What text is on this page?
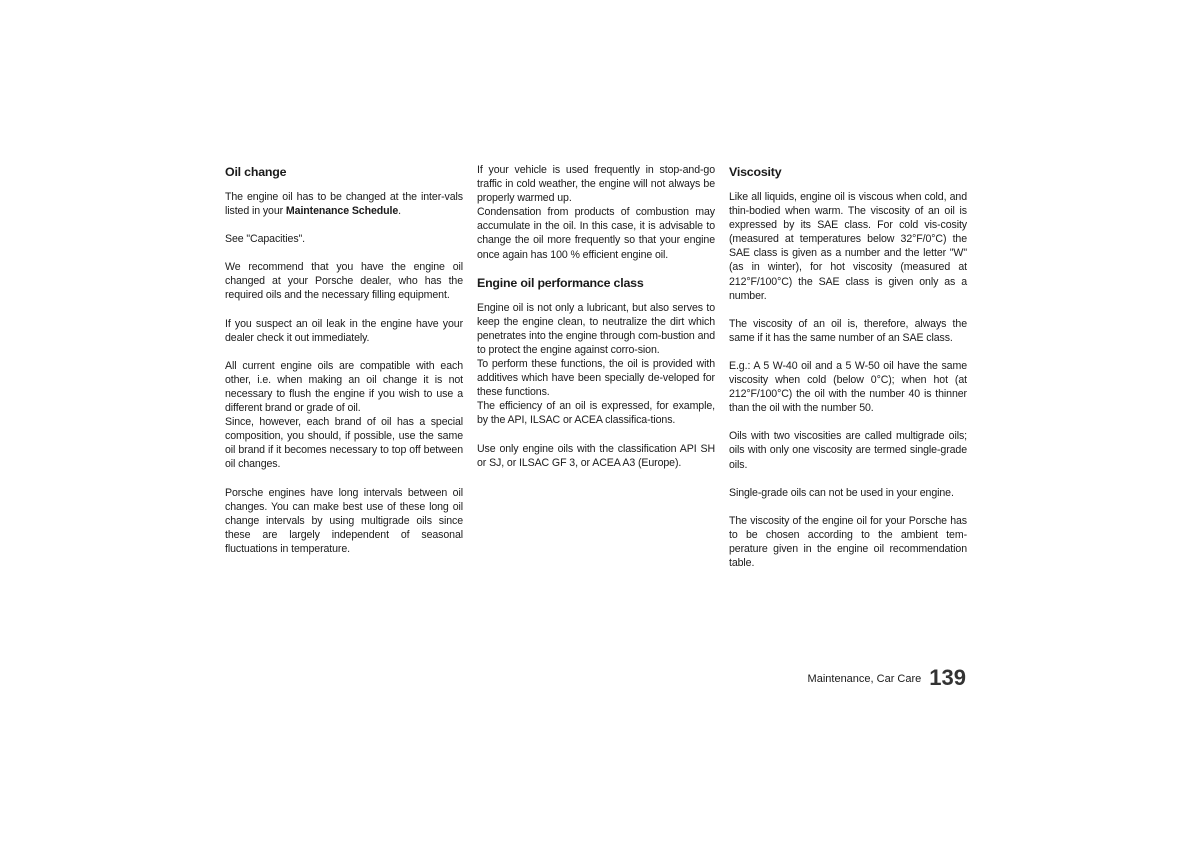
Oil change

The engine oil has to be changed at the inter-vals listed in your Maintenance Schedule.

See "Capacities".

We recommend that you have the engine oil changed at your Porsche dealer, who has the required oils and the necessary filling equipment.

If you suspect an oil leak in the engine have your dealer check it out immediately.

All current engine oils are compatible with each other, i.e. when making an oil change it is not necessary to flush the engine if you wish to use a different brand or grade of oil.

Since, however, each brand of oil has a special composition, you should, if possible, use the same oil brand if it becomes necessary to top off between oil changes.

Porsche engines have long intervals between oil changes. You can make best use of these long oil change intervals by using multigrade oils since these are largely independent of seasonal fluctuations in temperature.

If your vehicle is used frequently in stop-and-go traffic in cold weather, the engine will not always be properly warmed up.

Condensation from products of combustion may accumulate in the oil. In this case, it is advisable to change the oil more frequently so that your engine once again has 100 % efficient engine oil.

Engine oil performance class

Engine oil is not only a lubricant, but also serves to keep the engine clean, to neutralize the dirt which penetrates into the engine through com-bustion and to protect the engine against corro-sion.

To perform these functions, the oil is provided with additives which have been specially de-veloped for these functions.

The efficiency of an oil is expressed, for example, by the API, ILSAC or ACEA classifica-tions.

Use only engine oils with the classification API SH or SJ, or ILSAC GF 3, or ACEA A3 (Europe).

Viscosity

Like all liquids, engine oil is viscous when cold, and thin-bodied when warm. The viscosity of an oil is expressed by its SAE class. For cold vis-cosity (measured at temperatures below 32°F/0°C) the SAE class is given as a number and the letter "W" (as in winter), for hot viscosity (measured at 212°F/100°C) the SAE class is given only as a number.

The viscosity of an oil is, therefore, always the same if it has the same number of an SAE class.

E.g.: A 5 W-40 oil and a 5 W-50 oil have the same viscosity when cold (below 0°C); when hot (at 212°F/100°C) the oil with the number 40 is thinner than the oil with the number 50.

Oils with two viscosities are called multigrade oils; oils with only one viscosity are termed single-grade oils.

Single-grade oils can not be used in your engine.

The viscosity of the engine oil for your Porsche has to be chosen according to the ambient tem-perature given in the engine oil recommendation table.

Maintenance, Car Care 139
